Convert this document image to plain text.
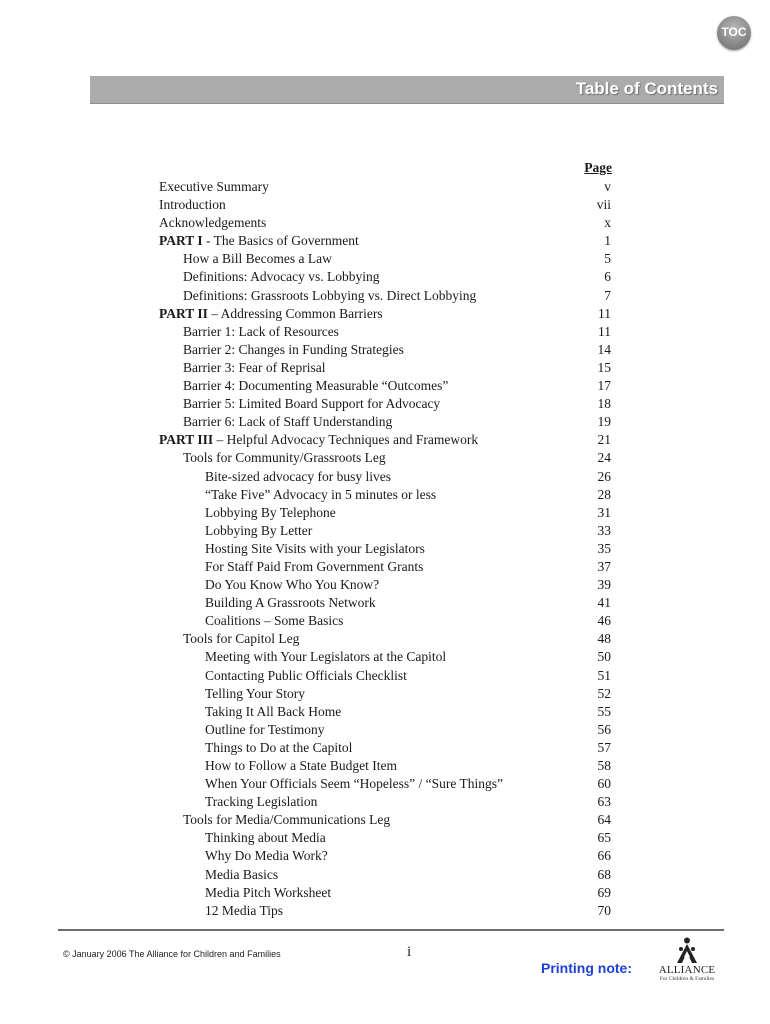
TOC
Table of Contents
Page
Executive Summary	v
Introduction	vii
Acknowledgements	x
PART I - The Basics of Government	1
How a Bill Becomes a Law	5
Definitions: Advocacy vs. Lobbying	6
Definitions: Grassroots Lobbying vs. Direct Lobbying	7
PART II – Addressing Common Barriers	11
Barrier 1: Lack of Resources	11
Barrier 2: Changes in Funding Strategies	14
Barrier 3: Fear of Reprisal	15
Barrier 4: Documenting Measurable “Outcomes”	17
Barrier 5: Limited Board Support for Advocacy	18
Barrier 6: Lack of Staff Understanding	19
PART III – Helpful Advocacy Techniques and Framework	21
Tools for Community/Grassroots Leg	24
Bite-sized advocacy for busy lives	26
“Take Five” Advocacy in 5 minutes or less	28
Lobbying By Telephone	31
Lobbying By Letter	33
Hosting Site Visits with your Legislators	35
For Staff Paid From Government Grants	37
Do You Know Who You Know?	39
Building A Grassroots Network	41
Coalitions – Some Basics	46
Tools for Capitol Leg	48
Meeting with Your Legislators at the Capitol	50
Contacting Public Officials Checklist	51
Telling Your Story	52
Taking It All Back Home	55
Outline for Testimony	56
Things to Do at the Capitol	57
How to Follow a State Budget Item	58
When Your Officials Seem “Hopeless” / “Sure Things”	60
Tracking Legislation	63
Tools for Media/Communications Leg	64
Thinking about Media	65
Why Do Media Work?	66
Media Basics	68
Media Pitch Worksheet	69
12 Media Tips	70
© January 2006 The Alliance for Children and Families	i
Printing note: ALLIANCE
For Children & Families
